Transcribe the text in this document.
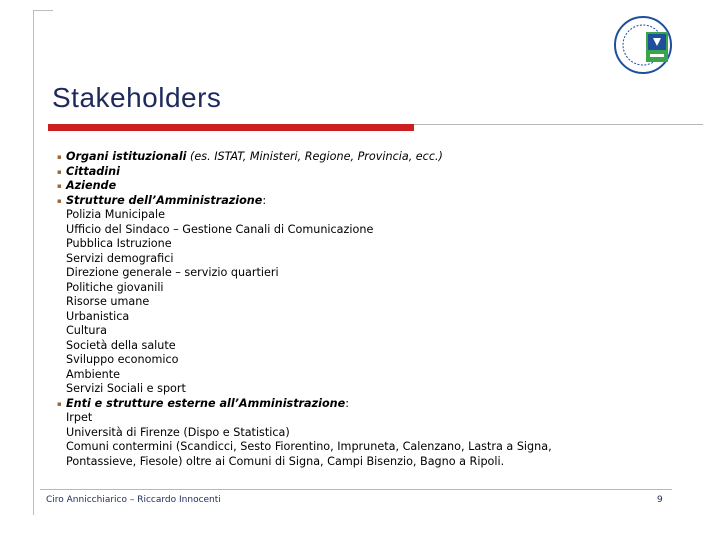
Stakeholders
▪ Organi istituzionali (es. ISTAT, Ministeri, Regione, Provincia, ecc.)
▪ Cittadini
▪ Aziende
▪ Strutture dell’Amministrazione:
Polizia Municipale
Ufficio del Sindaco – Gestione Canali di Comunicazione
Pubblica Istruzione
Servizi demografici
Direzione generale – servizio quartieri
Politiche giovanili
Risorse umane
Urbanistica
Cultura
Società della salute
Sviluppo economico
Ambiente
Servizi Sociali e sport
▪ Enti e strutture esterne all’Amministrazione:
Irpet
Università di Firenze (Dispo e Statistica)
Comuni contermini (Scandicci, Sesto Fiorentino, Impruneta, Calenzano, Lastra a Signa,
Pontassieve, Fiesole) oltre ai Comuni di Signa, Campi Bisenzio, Bagno a Ripoli.
Ciro Annicchiarico – Riccardo Innocenti	9
